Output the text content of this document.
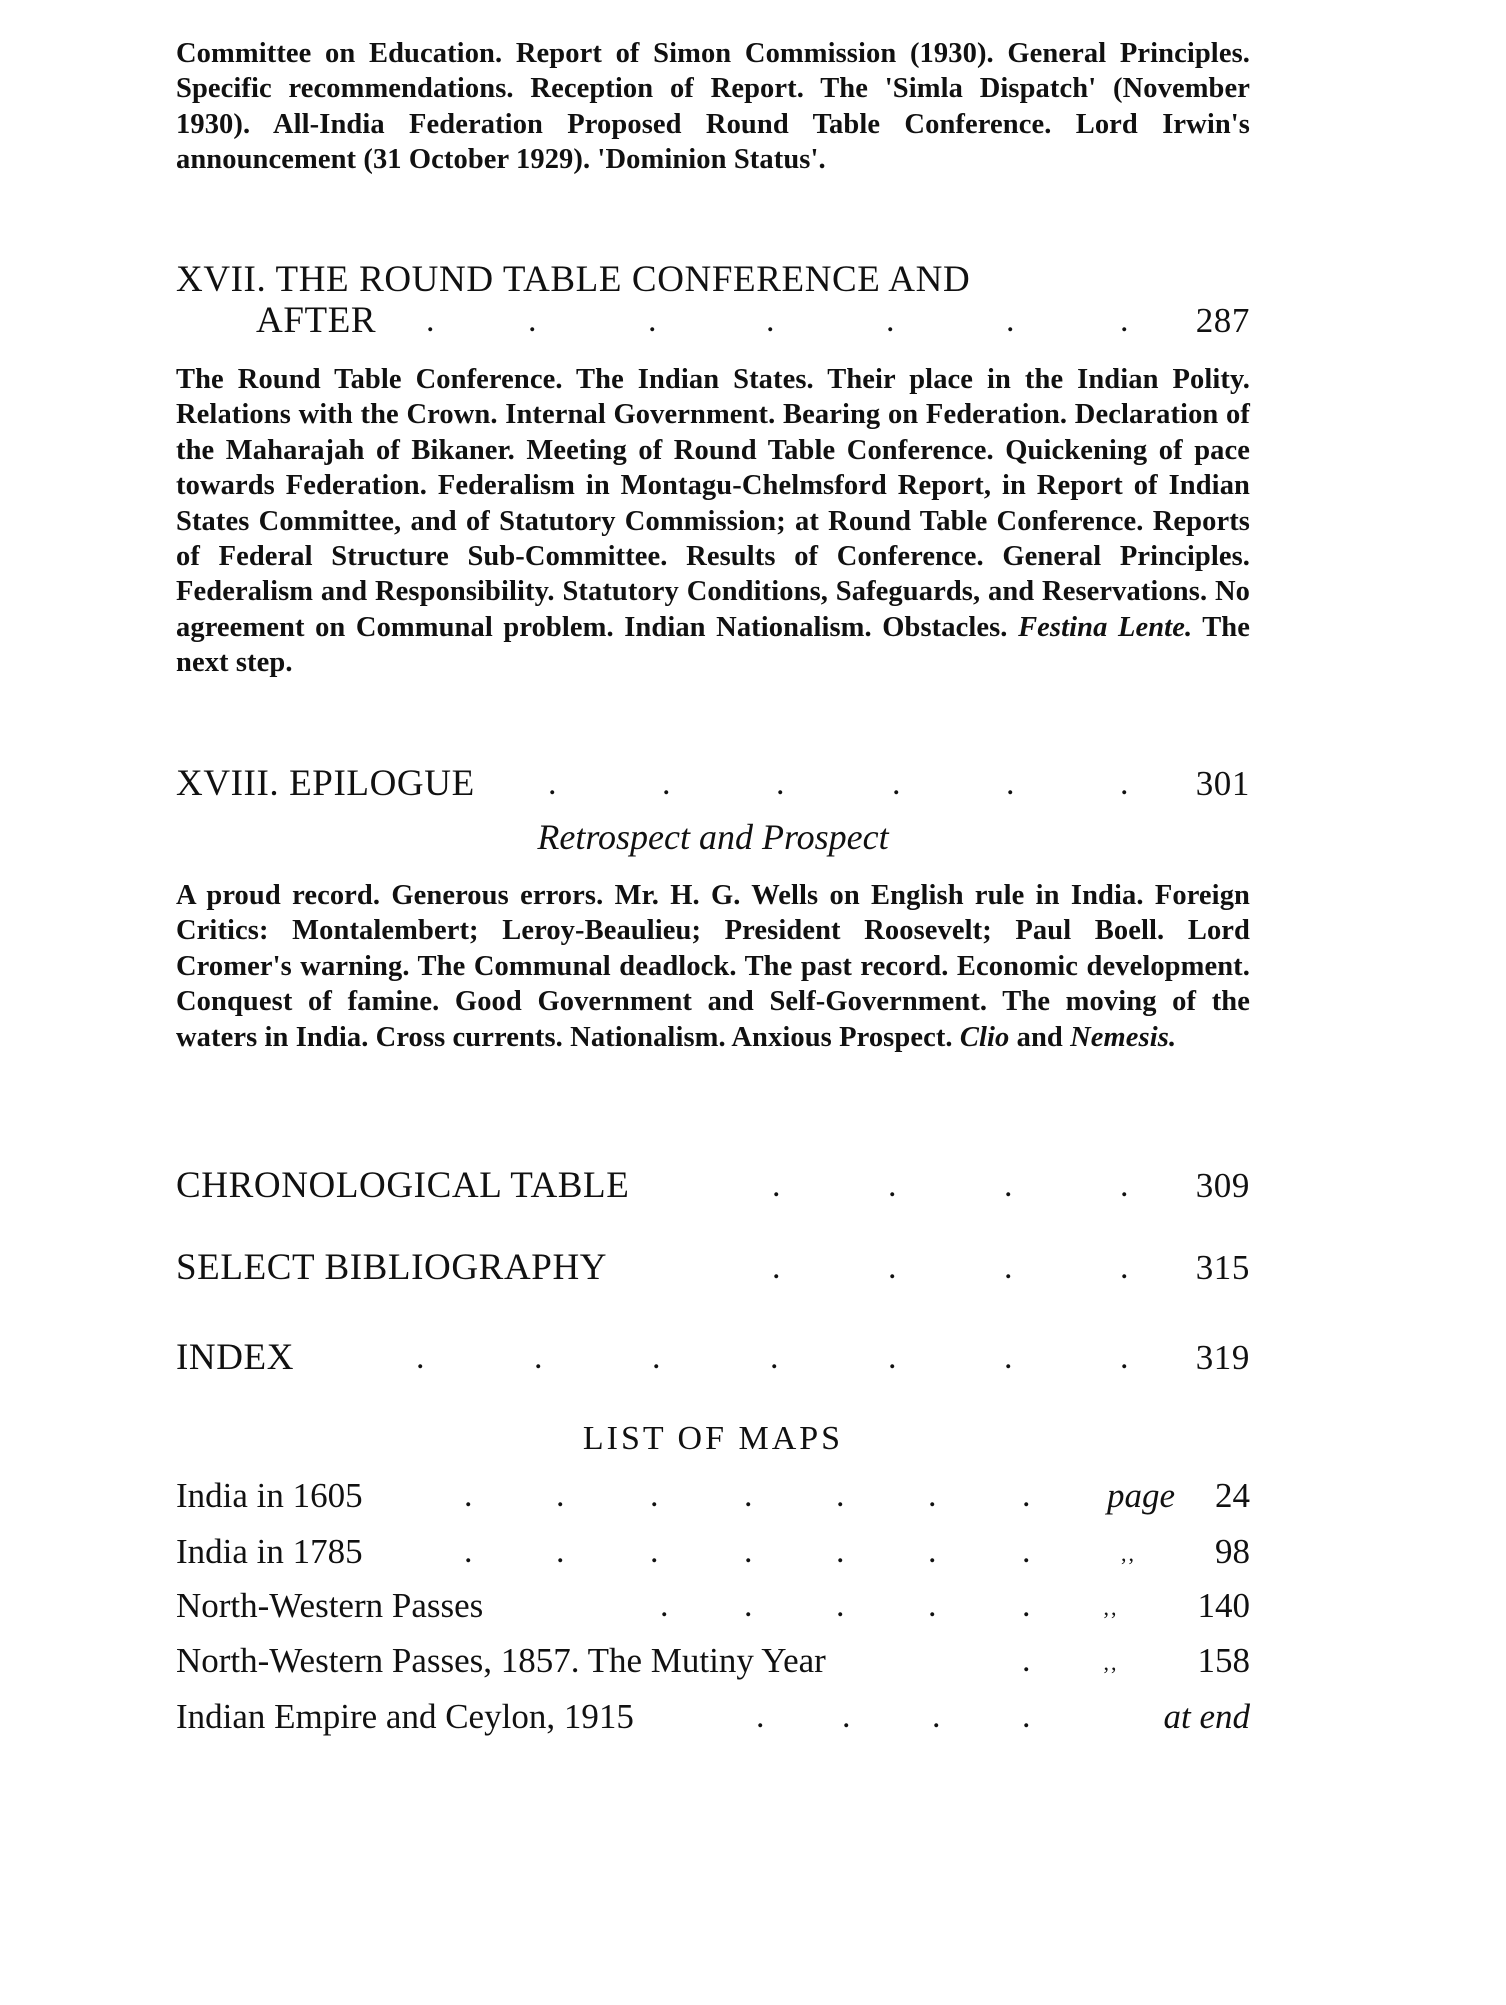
Committee on Education. Report of Simon Commission (1930). General Principles. Specific recommendations. Reception of Report. The 'Simla Dispatch' (November 1930). All-India Federation Proposed Round Table Conference. Lord Irwin's announcement (31 October 1929). 'Dominion Status'.
XVII. THE ROUND TABLE CONFERENCE AND
AFTER .	.	.	.	.	.	. 287
The Round Table Conference. The Indian States. Their place in the Indian Polity. Relations with the Crown. Internal Government. Bearing on Federation. Declaration of the Maharajah of Bikaner. Meeting of Round Table Conference. Quickening of pace towards Federation. Federalism in Montagu-Chelmsford Report, in Report of Indian States Committee, and of Statutory Commission; at Round Table Conference. Reports of Federal Structure Sub-Committee. Results of Conference. General Principles. Federalism and Responsibility. Statutory Conditions, Safeguards, and Reservations. No agreement on Communal problem. Indian Nationalism. Obstacles. Festina Lente. The next step.
XVIII. EPILOGUE .	.	.	.	.	. 301
Retrospect and Prospect
A proud record. Generous errors. Mr. H. G. Wells on English rule in India. Foreign Critics: Montalembert; Leroy-Beaulieu; President Roosevelt; Paul Boell. Lord Cromer's warning. The Communal deadlock. The past record. Economic development. Conquest of famine. Good Government and Self-Government. The moving of the waters in India. Cross currents. Nationalism. Anxious Prospect. Clio and Nemesis.
CHRONOLOGICAL TABLE	.	.	.	. 309
SELECT BIBLIOGRAPHY	.	.	.	. 315
INDEX	.	.	.	.	.	.	. 319
LIST OF MAPS
India in 1605	. .	.	. . .	.	page 24
India in 1785	. .	.	. . .	.	,, 98
North-Western Passes	. . . .	.	,, 140
North-Western Passes, 1857. The Mutiny Year	.	,, 158
Indian Empire and Ceylon, 1915	. . . .	at end
